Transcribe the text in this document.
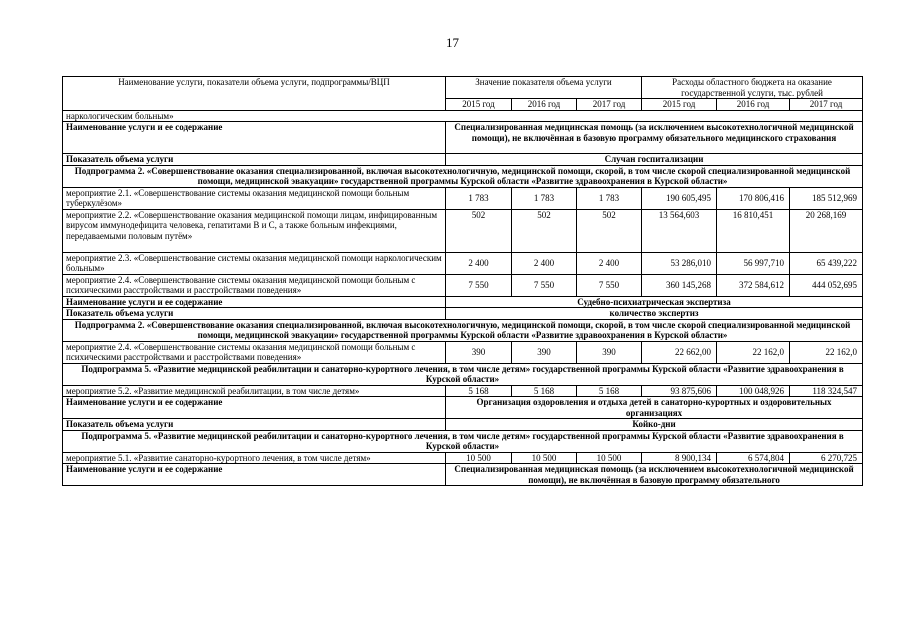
17
Наименование услуги, показатели объема услуги, подпрограммы/ВЦП	Значение показателя объема услуги			Расходы областного бюджета на оказание государственной услуги, тыс. рублей		
	2015 год	2016 год	2017 год	2015 год	2016 год	2017 год
наркологическим больным»						
Наименование услуги и ее содержание	Специализированная медицинская помощь (за исключением высокотехнологичной медицинской помощи), не включённая в базовую программу обязательного медицинского страхования					
Показатель объема услуги	Случан госпитализации					
Подпрограмма 2. «Совершенствование оказания специализированной, включая высокотехнологичную, медицинской помощи, скорой, в том числе скорой специализированной медицинской помощи, медицинской эвакуации» государственной программы Курской области «Развитие здравоохранения в Курской области»						
мероприятие 2.1. «Совершенствование системы оказания медицинской помощи больным туберкулёзом»	1 783	1 783	1 783	190 605,495	170 806,416	185 512,969
мероприятие 2.2. «Совершенствование оказания медицинской помощи лицам, инфицированным вирусом иммунодефицита человека, гепатитами В и С, а также больным инфекциями, передаваемыми половым путём»	502	502	502	13 564,603	16 810,451	20 268,169
мероприятие 2.3. «Совершенствование системы оказания медицинской помощи наркологическим больным»	2 400	2 400	2 400	53 286,010	56 997,710	65 439,222
мероприятие 2.4. «Совершенствование системы оказания медицинской помощи больным с психическими расстройствами и расстройствами поведения»	7 550	7 550	7 550	360 145,268	372 584,612	444 052,695
Наименование услуги и ее содержание	Судебно-психиатрическая экспертиза					
Показатель объема услуги	количество экспертиз					
Подпрограмма 2. «Совершенствование оказания специализированной, включая высокотехнологичную, медицинской помощи, скорой, в том числе скорой специализированной медицинской помощи, медицинской эвакуации» государственной программы Курской области «Развитие здравоохранения в Курской области»						
мероприятие 2.4. «Совершенствование системы оказания медицинской помощи больным с психическими расстройствами и расстройствами поведения»	390	390	390	22 662,00	22 162,0	22 162,0
Подпрограмма 5. «Развитие медицинской реабилитации и санаторно-курортного лечения, в том числе детям» государственной программы Курской области «Развитие здравоохранения в Курской области»						
мероприятие 5.2. «Развитие медицинской реабилитации, в том числе детям»	5 168	5 168	5 168	93 875,606	100 048,926	118 324,547
Наименование услуги и ее содержание	Организация оздоровления и отдыха детей в санаторно-курортных и оздоровительных организациях					
Показатель объема услуги	Койко-дни					
Подпрограмма 5. «Развитие медицинской реабилитации и санаторно-курортного лечения, в том числе детям» государственной программы Курской области «Развитие здравоохранения в Курской области»						
мероприятие 5.1. «Развитие санаторно-курортного лечения, в том числе детям»	10 500	10 500	10 500	8 900,134	6 574,804	6 270,725
Наименование услуги и ее содержание	Специализированная медицинская помощь (за исключением высокотехнологичной медицинской помощи), не включённая в базовую программу обязательного					
